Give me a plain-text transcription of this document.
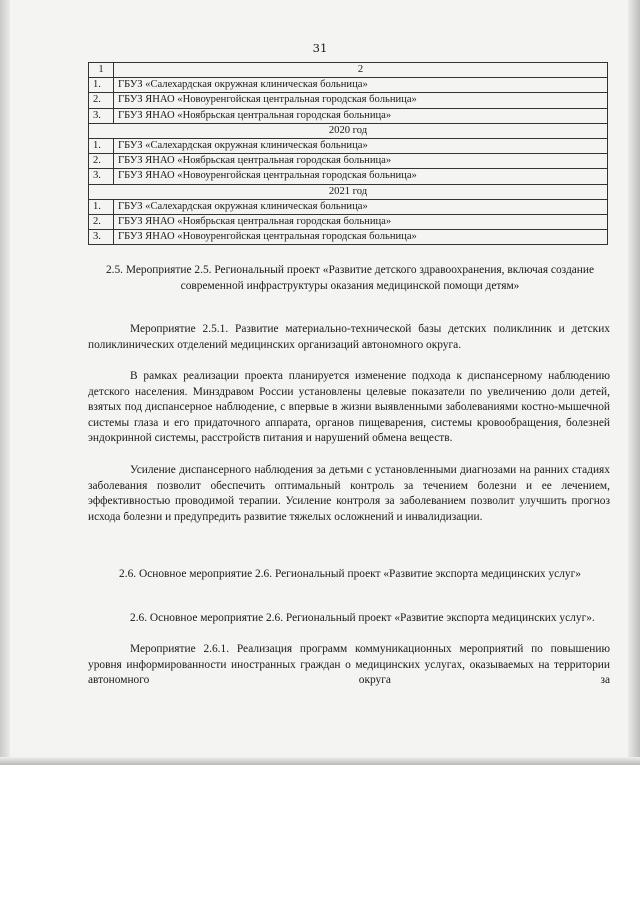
31
1	2
1.	ГБУЗ «Салехардская окружная клиническая больница»
2.	ГБУЗ ЯНАО «Новоуренгойская центральная городская больница»
3.	ГБУЗ ЯНАО «Ноябрьская центральная городская больница»
2020 год	
1.	ГБУЗ «Салехардская окружная клиническая больница»
2.	ГБУЗ ЯНАО «Ноябрьская центральная городская больница»
3.	ГБУЗ ЯНАО «Новоуренгойская центральная городская больница»
2021 год	
1.	ГБУЗ «Салехардская окружная клиническая больница»
2.	ГБУЗ ЯНАО «Ноябрьская центральная городская больница»
3.	ГБУЗ ЯНАО «Новоуренгойская центральная городская больница»
2.5. Мероприятие 2.5. Региональный проект «Развитие детского здравоохранения, включая создание современной инфраструктуры оказания медицинской помощи детям»

Мероприятие 2.5.1. Развитие материально-технической базы детских поликлиник и детских поликлинических отделений медицинских организаций автономного округа.

В рамках реализации проекта планируется изменение подхода к диспансерному наблюдению детского населения. Минздравом России установлены целевые показатели по увеличению доли детей, взятых под диспансерное наблюдение, с впервые в жизни выявленными заболеваниями костно-мышечной системы глаза и его придаточного аппарата, органов пищеварения, системы кровообращения, болезней эндокринной системы, расстройств питания и нарушений обмена веществ.

Усиление диспансерного наблюдения за детьми с установленными диагнозами на ранних стадиях заболевания позволит обеспечить оптимальный контроль за течением болезни и ее лечением, эффективностью проводимой терапии. Усиление контроля за заболеванием позволит улучшить прогноз исхода болезни и предупредить развитие тяжелых осложнений и инвалидизации.

2.6. Основное мероприятие 2.6. Региональный проект «Развитие экспорта медицинских услуг»

2.6. Основное мероприятие 2.6. Региональный проект «Развитие экспорта медицинских услуг».

Мероприятие 2.6.1. Реализация программ коммуникационных мероприятий по повышению уровня информированности иностранных граждан о медицинских услугах, оказываемых на территории автономного округа за
